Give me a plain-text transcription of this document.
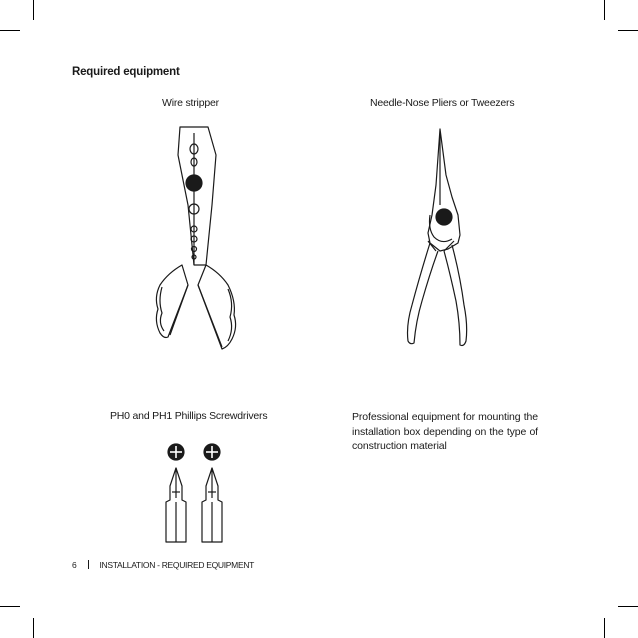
Required equipment
Wire stripper	Needle-Nose Pliers or Tweezers
PH0 and PH1 Phillips Screwdrivers	Professional equipment for mounting the installation box depending on the type of construction material
6	INSTALLATION - REQUIRED EQUIPMENT
